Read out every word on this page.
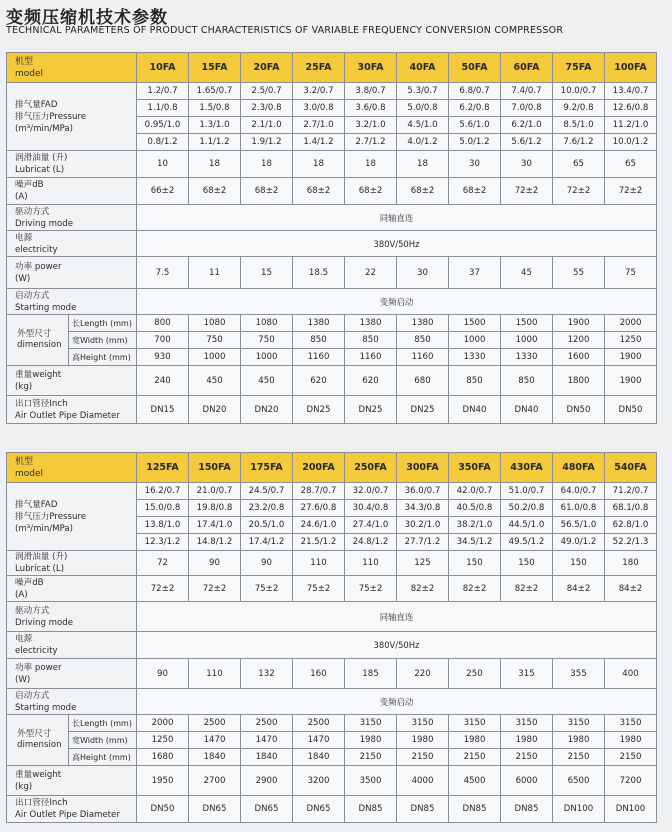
变频压缩机技术参数
TECHNICAL PARAMETERS OF PRODUCT CHARACTERISTICS OF VARIABLE FREQUENCY CONVERSION COMPRESSOR
机型
model		10FA	15FA	20FA	25FA	30FA	40FA	50FA	60FA	75FA	100FA

排气量FAD
排气压力Pressure
(m³/min/MPa)		1.2/0.7	1.65/0.7	2.5/0.7	3.2/0.7	3.8/0.7	5.3/0.7	6.8/0.7	7.4/0.7	10.0/0.7	13.4/0.7
		1.1/0.8	1.5/0.8	2.3/0.8	3.0/0.8	3.6/0.8	5.0/0.8	6.2/0.8	7.0/0.8	9.2/0.8	12.6/0.8
		0.95/1.0	1.3/1.0	2.1/1.0	2.7/1.0	3.2/1.0	4.5/1.0	5.6/1.0	6.2/1.0	8.5/1.0	11.2/1.0
		0.8/1.2	1.1/1.2	1.9/1.2	1.4/1.2	2.7/1.2	4.0/1.2	5.0/1.2	5.6/1.2	7.6/1.2	10.0/1.2

润滑油量 (升)
Lubricat (L)		10	18	18	18	18	18	30	30	65	65

噪声dB
(A)		66±2	68±2	68±2	68±2	68±2	68±2	68±2	72±2	72±2	72±2

驱动方式
Driving mode		同轴直连									

电源
electricity		380V/50Hz									

功率 power
(W)		7.5	11	15	18.5	22	30	37	45	55	75

启动方式
Starting mode		变频启动									

外型尺寸
dimension	长Length (mm)	800	1080	1080	1380	1380	1380	1500	1500	1900	2000
	宽Width (mm)	700	750	750	850	850	850	1000	1000	1200	1250
	高Height (mm)	930	1000	1000	1160	1160	1160	1330	1330	1600	1900

重量weight
(kg)		240	450	450	620	620	680	850	850	1800	1900

出口管径Inch
Air Outlet Pipe Diameter		DN15	DN20	DN20	DN25	DN25	DN25	DN40	DN40	DN50	DN50
机型
model		125FA	150FA	175FA	200FA	250FA	300FA	350FA	430FA	480FA	540FA

排气量FAD
排气压力Pressure
(m³/min/MPa)		16.2/0.7	21.0/0.7	24.5/0.7	28.7/0.7	32.0/0.7	36.0/0.7	42.0/0.7	51.0/0.7	64.0/0.7	71.2/0.7
		15.0/0.8	19.8/0.8	23.2/0.8	27.6/0.8	30.4/0.8	34.3/0.8	40.5/0.8	50.2/0.8	61.0/0.8	68.1/0.8
		13.8/1.0	17.4/1.0	20.5/1.0	24.6/1.0	27.4/1.0	30.2/1.0	38.2/1.0	44.5/1.0	56.5/1.0	62.8/1.0
		12.3/1.2	14.8/1.2	17.4/1.2	21.5/1.2	24.8/1.2	27.7/1.2	34.5/1.2	49.5/1.2	49.0/1.2	52.2/1.3

润滑油量 (升)
Lubricat (L)		72	90	90	110	110	125	150	150	150	180

噪声dB
(A)		72±2	72±2	75±2	75±2	75±2	82±2	82±2	82±2	84±2	84±2

驱动方式
Driving mode		同轴直连									

电源
electricity		380V/50Hz									

功率 power
(W)		90	110	132	160	185	220	250	315	355	400

启动方式
Starting mode		变频启动									

外型尺寸
dimension	长Length (mm)	2000	2500	2500	2500	3150	3150	3150	3150	3150	3150
	宽Width (mm)	1250	1470	1470	1470	1980	1980	1980	1980	1980	1980
	高Height (mm)	1680	1840	1840	1840	2150	2150	2150	2150	2150	2150

重量weight
(kg)		1950	2700	2900	3200	3500	4000	4500	6000	6500	7200

出口管径Inch
Air Outlet Pipe Diameter		DN50	DN65	DN65	DN65	DN85	DN85	DN85	DN85	DN100	DN100
